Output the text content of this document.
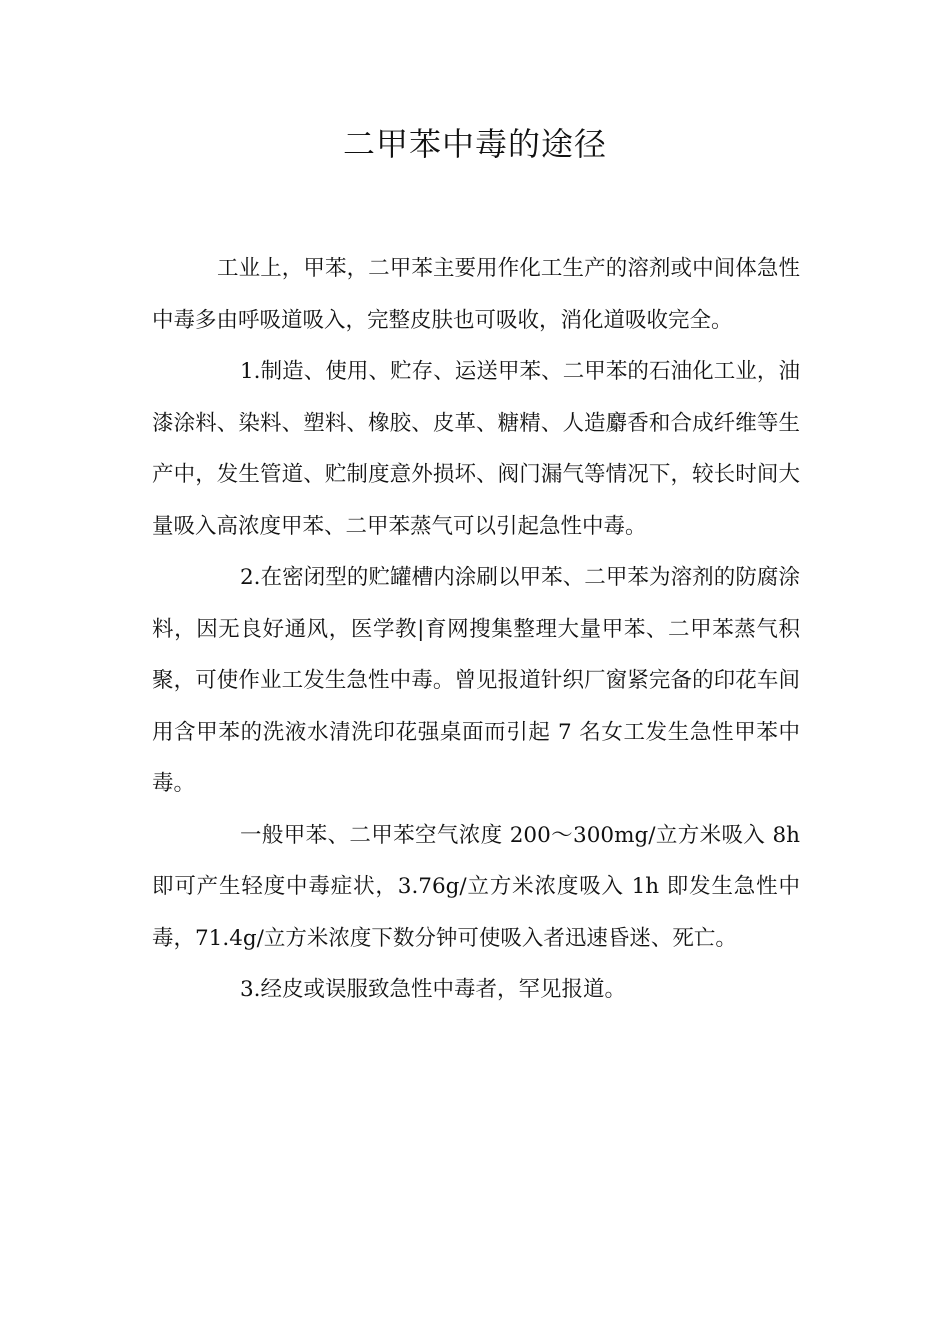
二甲苯中毒的途径

工业上，甲苯，二甲苯主要用作化工生产的溶剂或中间体急性中毒多由呼吸道吸入，完整皮肤也可吸收，消化道吸收完全。

1.制造、使用、贮存、运送甲苯、二甲苯的石油化工业，油漆涂料、染料、塑料、橡胶、皮革、糖精、人造麝香和合成纤维等生产中，发生管道、贮制度意外损坏、阀门漏气等情况下，较长时间大量吸入高浓度甲苯、二甲苯蒸气可以引起急性中毒。

2.在密闭型的贮罐槽内涂刷以甲苯、二甲苯为溶剂的防腐涂料，因无良好通风，医学教|育网搜集整理大量甲苯、二甲苯蒸气积聚，可使作业工发生急性中毒。曾见报道针织厂窗紧完备的印花车间用含甲苯的洗液水清洗印花强桌面而引起 7 名女工发生急性甲苯中毒。

一般甲苯、二甲苯空气浓度 200～300mg/立方米吸入 8h 即可产生轻度中毒症状，3.76g/立方米浓度吸入 1h 即发生急性中毒，71.4g/立方米浓度下数分钟可使吸入者迅速昏迷、死亡。

3.经皮或误服致急性中毒者，罕见报道。
